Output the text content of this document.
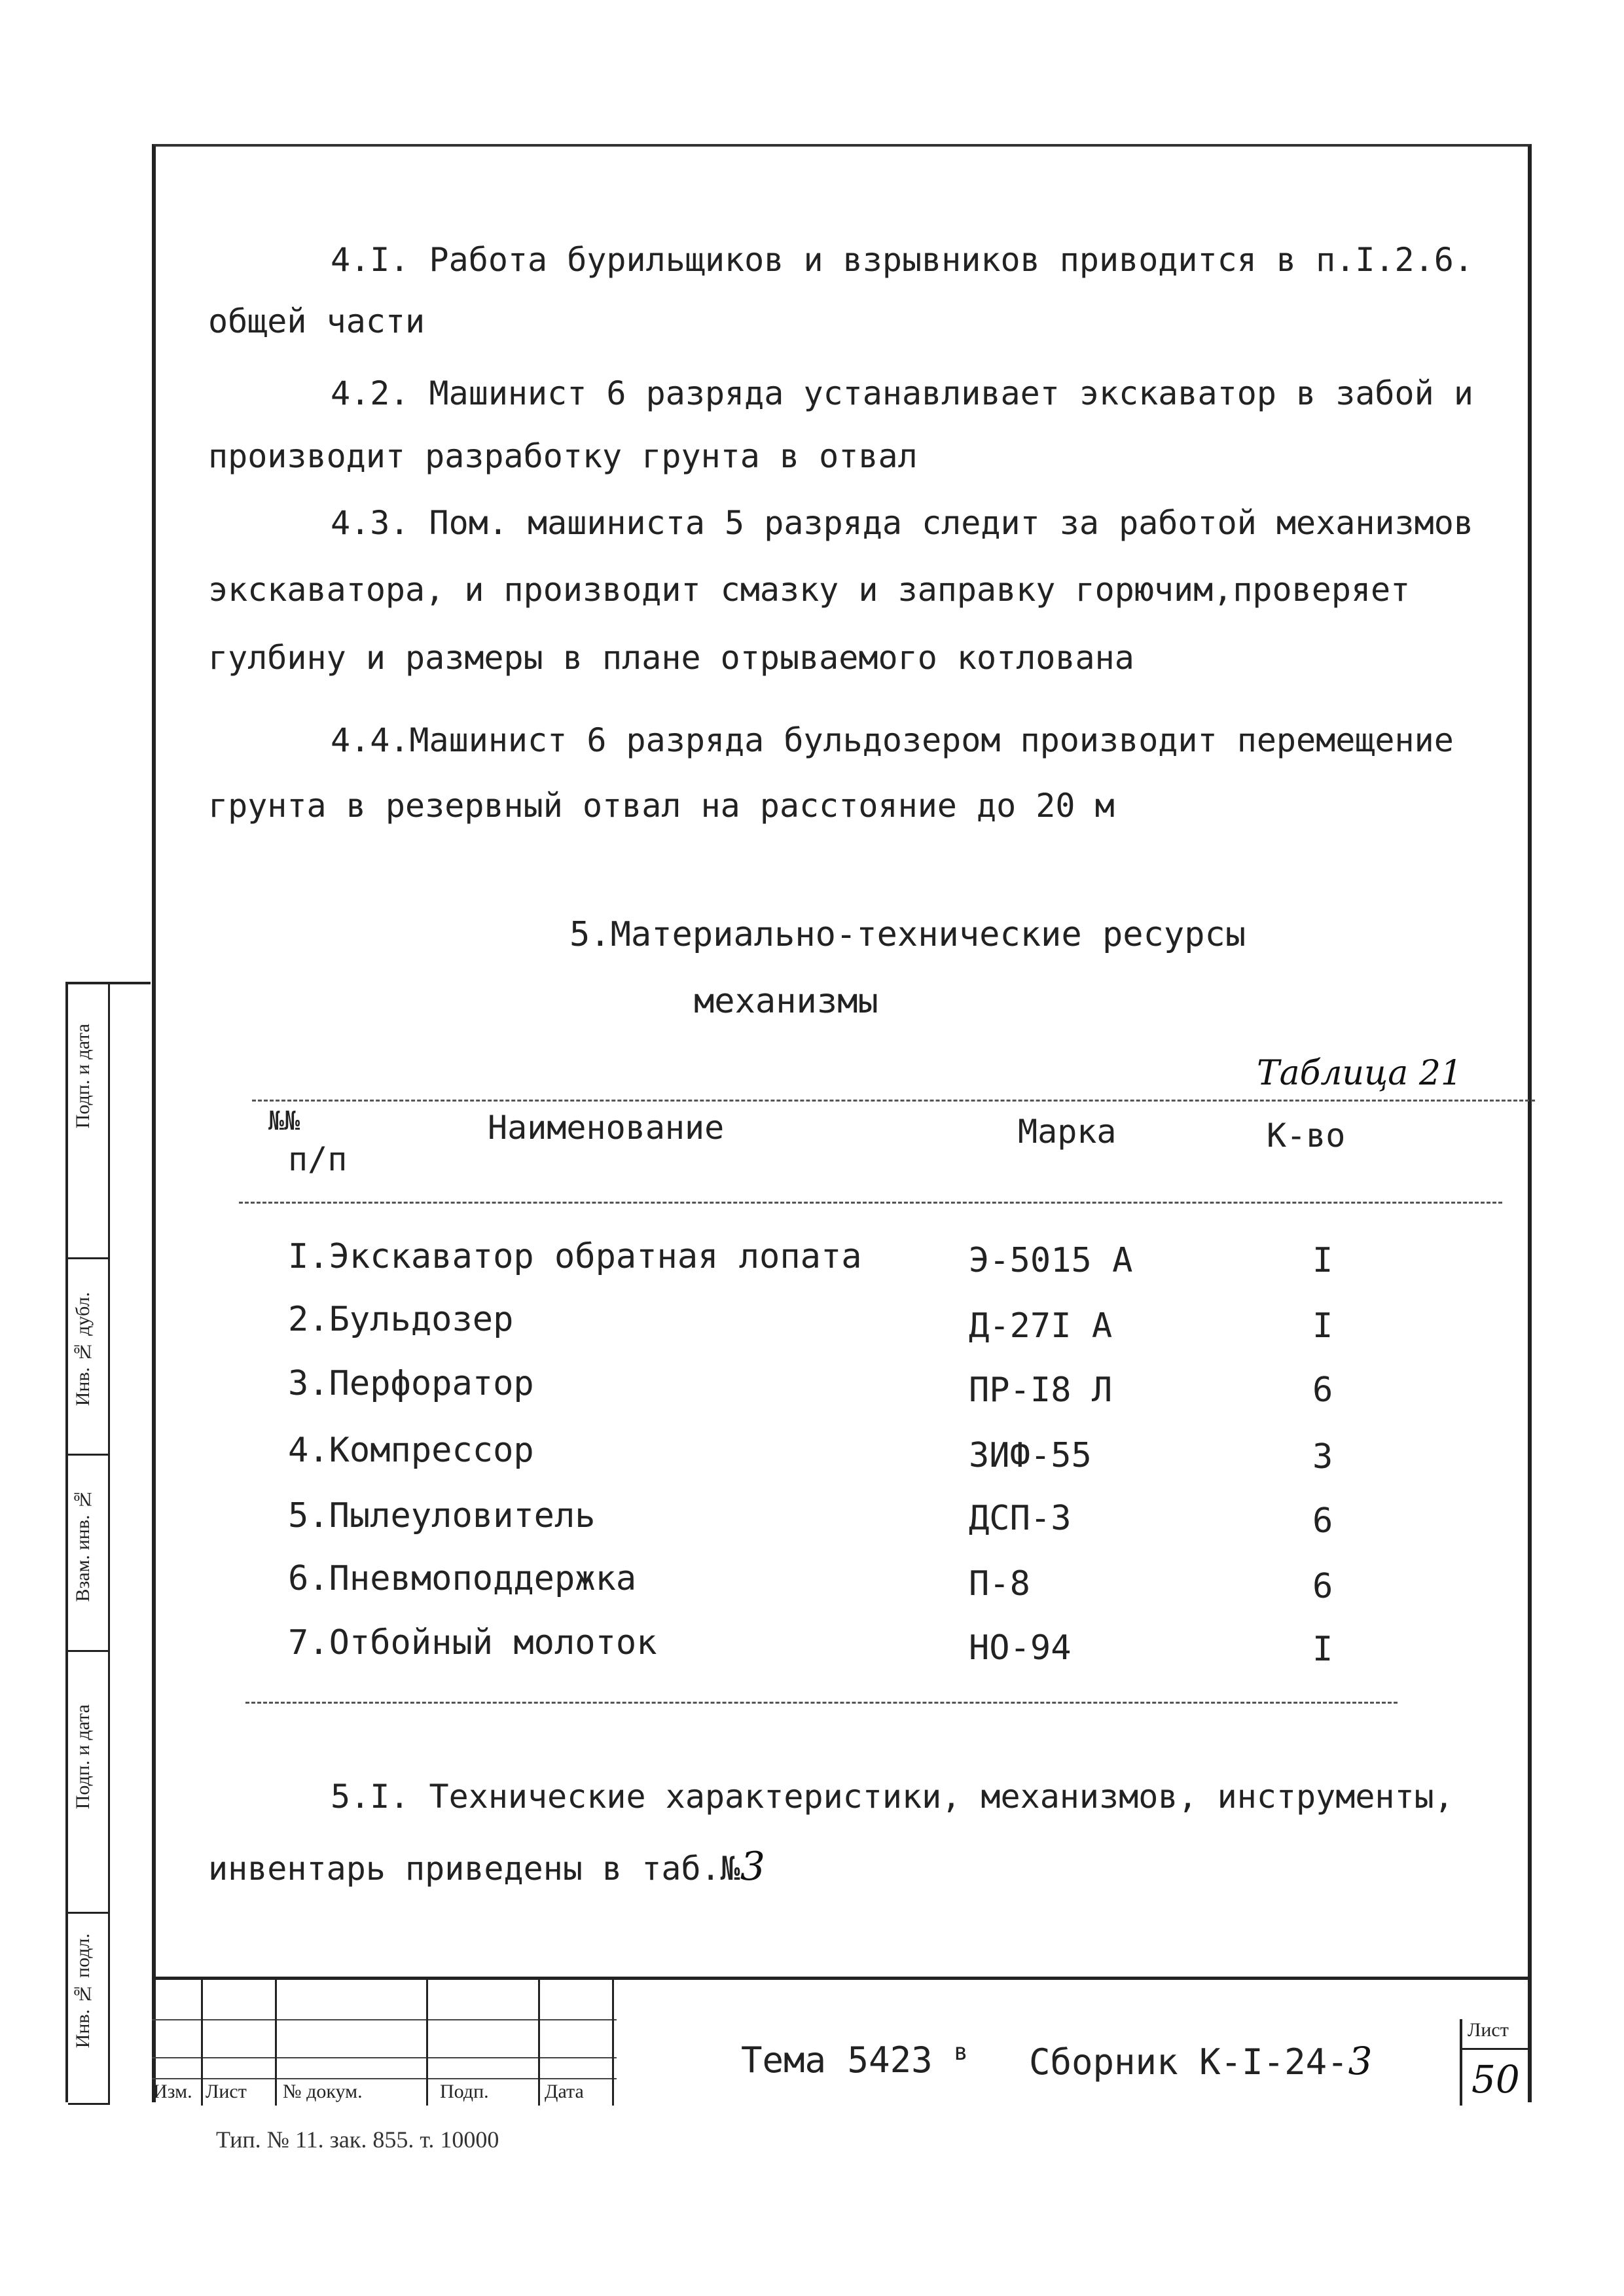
4.I. Работа бурильщиков и взрывников приводится в п.I.2.6.
общей части
4.2. Машинист 6 разряда устанавливает экскаватор в забой и
производит разработку грунта в отвал
4.3. Пом. машиниста 5 разряда следит за работой механизмов
экскаватора, и производит смазку и заправку горючим,проверяет
гулбину и размеры в плане отрываемого котлована
4.4.Машинист 6 разряда бульдозером производит перемещение
грунта в резервный отвал на расстояние до 20 м
5.Материально-технические ресурсы
механизмы
Таблица 21
№№
п/п
Наименование	Марка	К-во
I.Экскаватор обратная лопата	Э-5015 А	I
2.Бульдозер	Д-27I А	I
3.Перфоратор	ПР-I8 Л	6
4.Компрессор	ЗИФ-55	3
5.Пылеуловитель	ДСП-3	6
6.Пневмоподдержка	П-8	6
7.Отбойный молоток	НО-94	I
5.I. Технические характеристики, механизмов, инструменты,
инвентарь приведены в таб.№3
Подп. и дата
Инв. № дубл.
Взам. инв. №
Подп. и дата
Инв. № подл.
Изм. Лист № докум.	Подп.	Дата
Тема 5423 $^в$ Сборник К-I-24-3
Лист
50
Тип. № 11. зак. 855. т. 10000
